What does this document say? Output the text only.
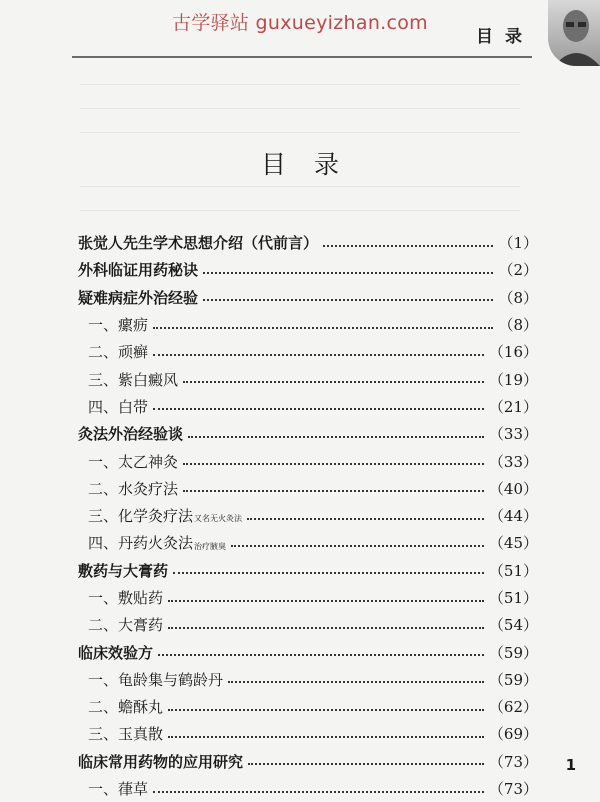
古学驿站 guxueyizhan.com
目录
目录
张觉人先生学术思想介绍（代前言）	（1）
外科临证用药秘诀	（2）
疑难病症外治经验	（8）
一、瘰疬	（8）
二、顽癣	（16）
三、紫白癜风	（19）
四、白带	（21）
灸法外治经验谈	（33）
一、太乙神灸	（33）
二、水灸疗法	（40）
三、化学灸疗法 又名无火灸法	（44）
四、丹药火灸法 治疗腋臭	（45）
敷药与大膏药	（51）
一、敷贴药	（51）
二、大膏药	（54）
临床效验方	（59）
一、龟龄集与鹤龄丹	（59）
二、蟾酥丸	（62）
三、玉真散	（69）
临床常用药物的应用研究	（73）
一、葎草	（73）
1
